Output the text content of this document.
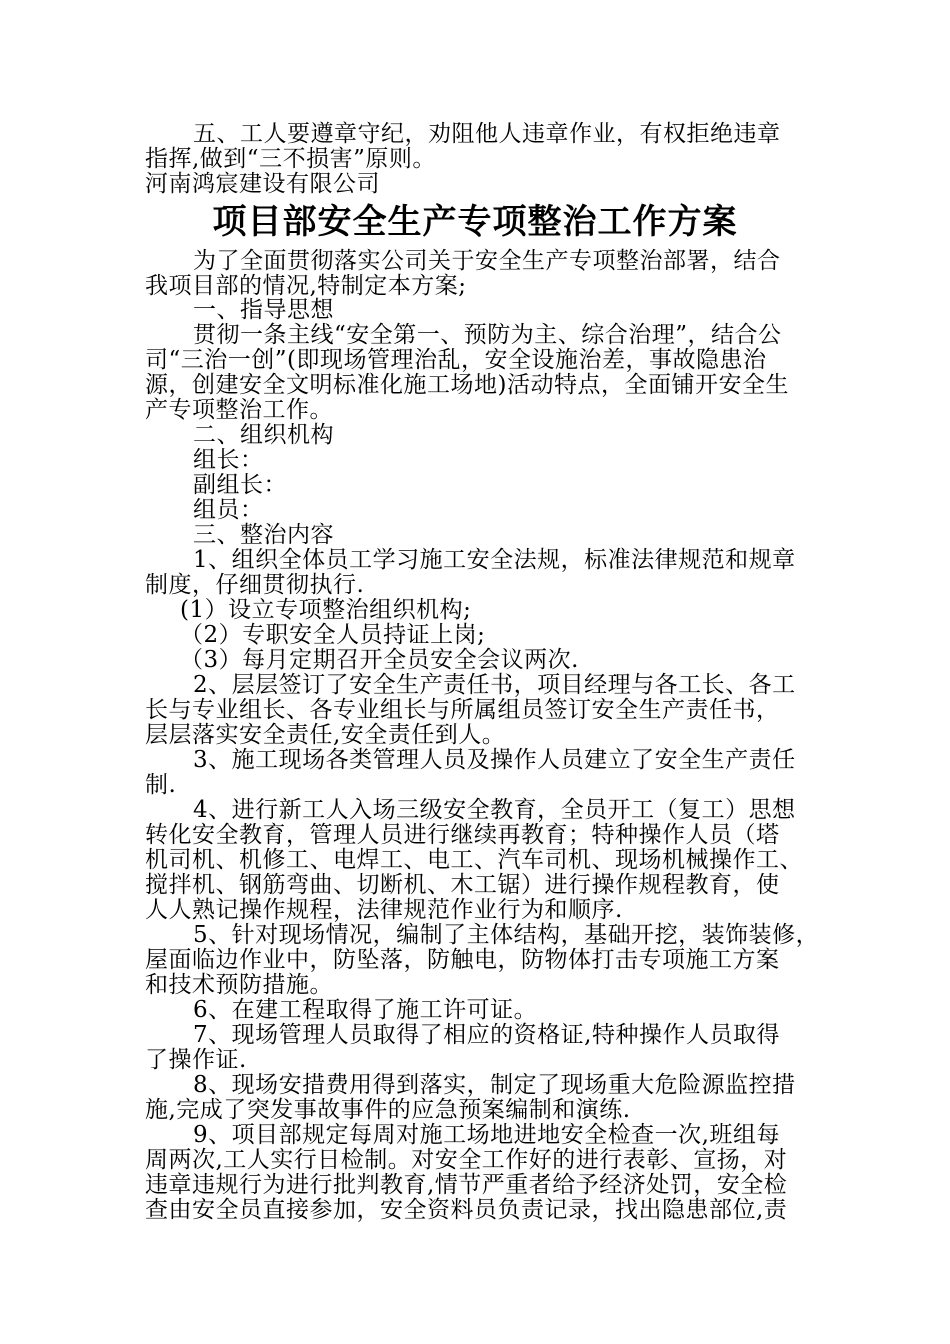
五、工人要遵章守纪，劝阻他人违章作业，有权拒绝违章
指挥,做到“三不损害”原则。
河南鸿宸建设有限公司
项目部安全生产专项整治工作方案
为了全面贯彻落实公司关于安全生产专项整治部署，结合
我项目部的情况,特制定本方案;
一、指导思想
贯彻一条主线“安全第一、预防为主、综合治理”，结合公
司“三治一创”(即现场管理治乱，安全设施治差，事故隐患治
源，创建安全文明标准化施工场地)活动特点，全面铺开安全生
产专项整治工作。
二、组织机构
组长：
副组长：
组员：
三、整治内容
1、组织全体员工学习施工安全法规，标准法律规范和规章
制度，仔细贯彻执行.
(1）设立专项整治组织机构;
（2）专职安全人员持证上岗;
（3）每月定期召开全员安全会议两次.
2、层层签订了安全生产责任书，项目经理与各工长、各工
长与专业组长、各专业组长与所属组员签订安全生产责任书，
层层落实安全责任,安全责任到人。
3、施工现场各类管理人员及操作人员建立了安全生产责任
制.
4、进行新工人入场三级安全教育，全员开工（复工）思想
转化安全教育，管理人员进行继续再教育；特种操作人员（塔
机司机、机修工、电焊工、电工、汽车司机、现场机械操作工、
搅拌机、钢筋弯曲、切断机、木工锯）进行操作规程教育，使
人人熟记操作规程，法律规范作业行为和顺序.
5、针对现场情况，编制了主体结构，基础开挖，装饰装修，
屋面临边作业中，防坠落，防触电，防物体打击专项施工方案
和技术预防措施。
6、在建工程取得了施工许可证。
7、现场管理人员取得了相应的资格证,特种操作人员取得
了操作证.
8、现场安措费用得到落实，制定了现场重大危险源监控措
施,完成了突发事故事件的应急预案编制和演练.
9、项目部规定每周对施工场地进地安全检查一次,班组每
周两次,工人实行日检制。对安全工作好的进行表彰、宣扬，对
违章违规行为进行批判教育,情节严重者给予经济处罚，安全检
查由安全员直接参加，安全资料员负责记录，找出隐患部位,责
